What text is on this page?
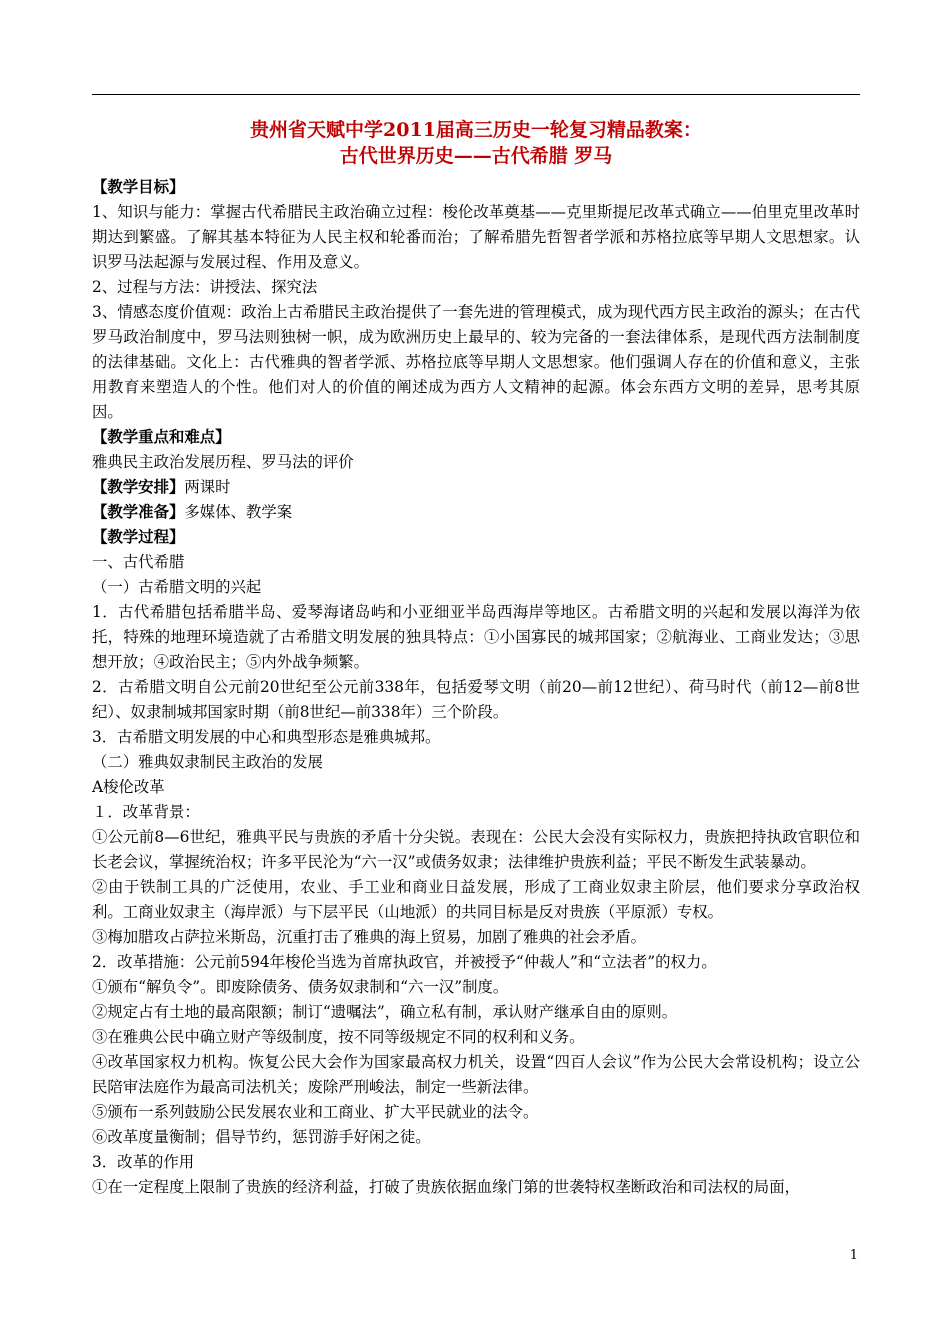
贵州省天赋中学2011届高三历史一轮复习精品教案：
古代世界历史——古代希腊 罗马

【教学目标】

1、知识与能力：掌握古代希腊民主政治确立过程：梭伦改革奠基——克里斯提尼改革式确立——伯里克里改革时期达到繁盛。了解其基本特征为人民主权和轮番而治；了解希腊先哲智者学派和苏格拉底等早期人文思想家。认识罗马法起源与发展过程、作用及意义。

2、过程与方法：讲授法、探究法

3、情感态度价值观：政治上古希腊民主政治提供了一套先进的管理模式，成为现代西方民主政治的源头；在古代罗马政治制度中，罗马法则独树一帜，成为欧洲历史上最早的、较为完备的一套法律体系，是现代西方法制制度的法律基础。文化上：古代雅典的智者学派、苏格拉底等早期人文思想家。他们强调人存在的价值和意义，主张用教育来塑造人的个性。他们对人的价值的阐述成为西方人文精神的起源。体会东西方文明的差异，思考其原因。

【教学重点和难点】

雅典民主政治发展历程、罗马法的评价

【教学安排】两课时

【教学准备】多媒体、教学案

【教学过程】

一、古代希腊

（一）古希腊文明的兴起

1．古代希腊包括希腊半岛、爱琴海诸岛屿和小亚细亚半岛西海岸等地区。古希腊文明的兴起和发展以海洋为依托，特殊的地理环境造就了古希腊文明发展的独具特点：①小国寡民的城邦国家；②航海业、工商业发达；③思想开放；④政治民主；⑤内外战争频繁。

2．古希腊文明自公元前20世纪至公元前338年，包括爱琴文明（前20—前12世纪）、荷马时代（前12—前8世纪）、奴隶制城邦国家时期（前8世纪—前338年）三个阶段。

3．古希腊文明发展的中心和典型形态是雅典城邦。

（二）雅典奴隶制民主政治的发展

A梭伦改革

１．改革背景：

①公元前8—6世纪，雅典平民与贵族的矛盾十分尖锐。表现在：公民大会没有实际权力，贵族把持执政官职位和长老会议，掌握统治权；许多平民沦为“六一汉”或债务奴隶；法律维护贵族利益；平民不断发生武装暴动。

②由于铁制工具的广泛使用，农业、手工业和商业日益发展，形成了工商业奴隶主阶层，他们要求分享政治权利。工商业奴隶主（海岸派）与下层平民（山地派）的共同目标是反对贵族（平原派）专权。

③梅加腊攻占萨拉米斯岛，沉重打击了雅典的海上贸易，加剧了雅典的社会矛盾。

2．改革措施：公元前594年梭伦当选为首席执政官，并被授予“仲裁人”和“立法者”的权力。

①颁布“解负令”。即废除债务、债务奴隶制和“六一汉”制度。

②规定占有土地的最高限额；制订“遗嘱法”，确立私有制，承认财产继承自由的原则。

③在雅典公民中确立财产等级制度，按不同等级规定不同的权利和义务。

④改革国家权力机构。恢复公民大会作为国家最高权力机关，设置“四百人会议”作为公民大会常设机构；设立公民陪审法庭作为最高司法机关；废除严刑峻法，制定一些新法律。

⑤颁布一系列鼓励公民发展农业和工商业、扩大平民就业的法令。

⑥改革度量衡制；倡导节约，惩罚游手好闲之徒。

3．改革的作用

①在一定程度上限制了贵族的经济利益，打破了贵族依据血缘门第的世袭特权垄断政治和司法权的局面，

1
